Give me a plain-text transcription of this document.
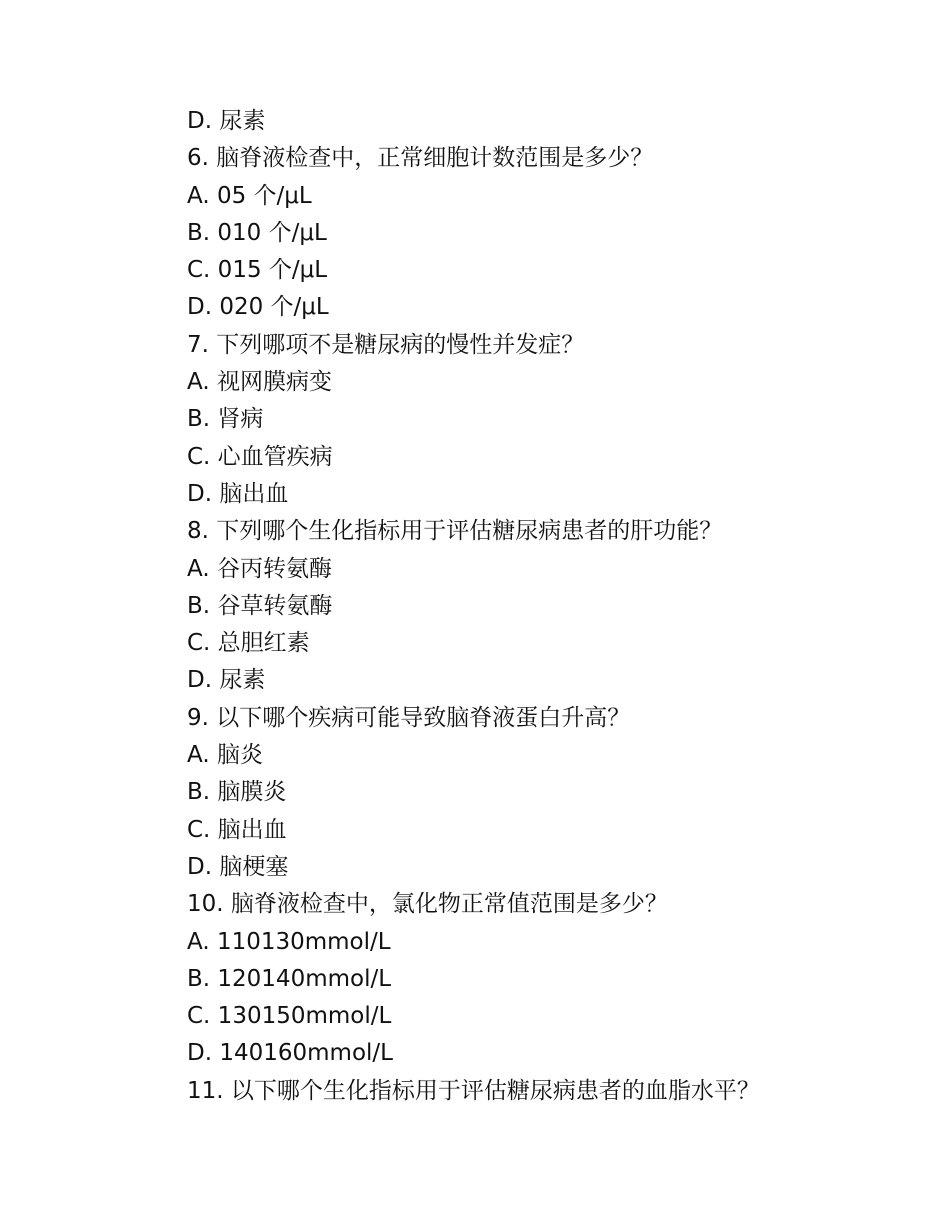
D. 尿素
6. 脑脊液检查中，正常细胞计数范围是多少？
A. 05 个/μL
B. 010 个/μL
C. 015 个/μL
D. 020 个/μL
7. 下列哪项不是糖尿病的慢性并发症？
A. 视网膜病变
B. 肾病
C. 心血管疾病
D. 脑出血
8. 下列哪个生化指标用于评估糖尿病患者的肝功能？
A. 谷丙转氨酶
B. 谷草转氨酶
C. 总胆红素
D. 尿素
9. 以下哪个疾病可能导致脑脊液蛋白升高？
A. 脑炎
B. 脑膜炎
C. 脑出血
D. 脑梗塞
10. 脑脊液检查中，氯化物正常值范围是多少？
A. 110130mmol/L
B. 120140mmol/L
C. 130150mmol/L
D. 140160mmol/L
11. 以下哪个生化指标用于评估糖尿病患者的血脂水平？
